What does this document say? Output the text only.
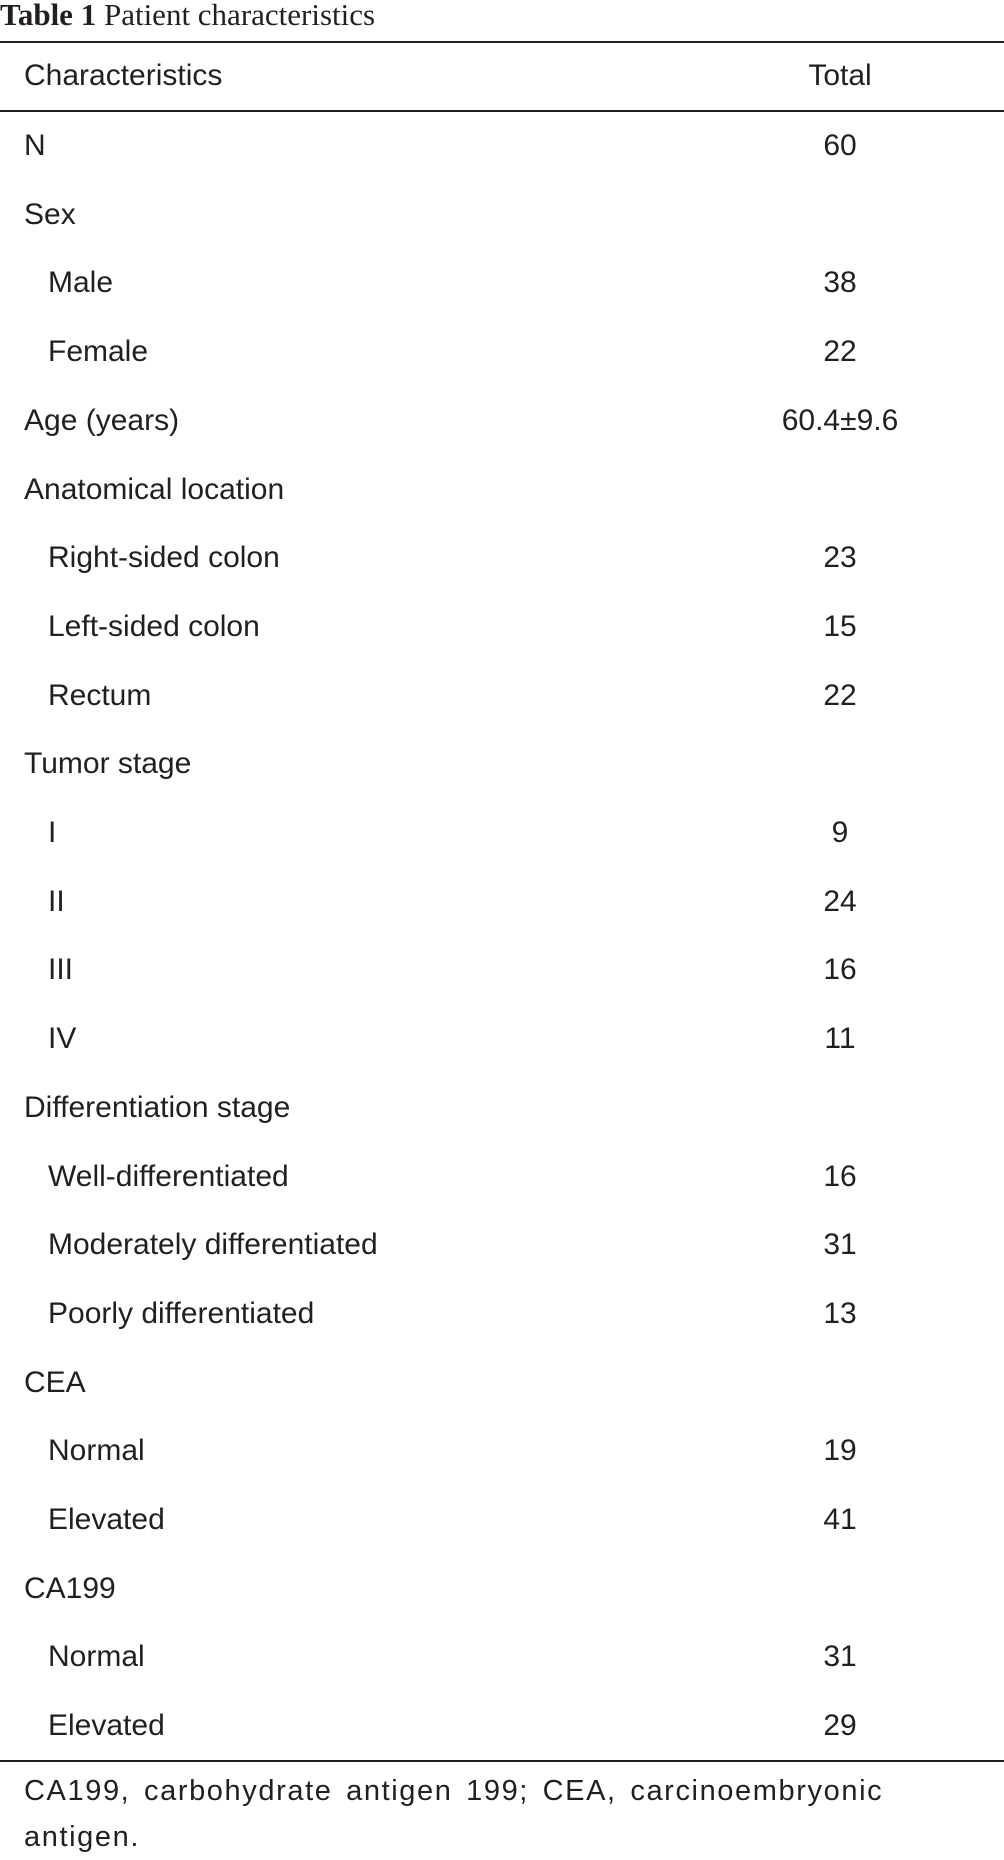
Table 1 Patient characteristics
Characteristics	Total
N	60
Sex
Male	38
Female	22
Age (years)	60.4±9.6
Anatomical location
Right-sided colon	23
Left-sided colon	15
Rectum	22
Tumor stage
I	9
II	24
III	16
IV	11
Differentiation stage
Well-differentiated	16
Moderately differentiated	31
Poorly differentiated	13
CEA
Normal	19
Elevated	41
CA199
Normal	31
Elevated	29
CA199, carbohydrate antigen 199; CEA, carcinoembryonic antigen.
